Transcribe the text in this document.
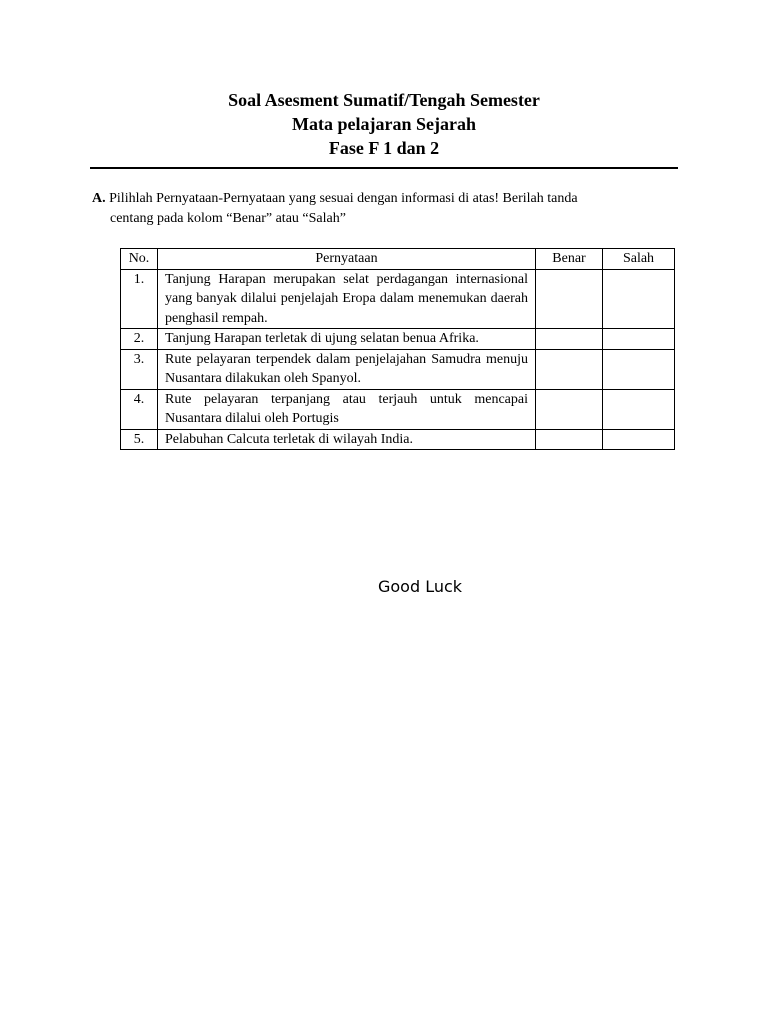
Soal Asesment Sumatif/Tengah Semester
Mata pelajaran Sejarah
Fase F 1 dan 2
A. Pilihlah Pernyataan-Pernyataan yang sesuai dengan informasi di atas! Berilah tanda
centang pada kolom “Benar” atau “Salah”
No.	Pernyataan	Benar	Salah
1.	Tanjung Harapan merupakan selat perdagangan internasional yang banyak dilalui penjelajah Eropa dalam menemukan daerah penghasil rempah.		
2.	Tanjung Harapan terletak di ujung selatan benua Afrika.		
3.	Rute pelayaran terpendek dalam penjelajahan Samudra menuju Nusantara dilakukan oleh Spanyol.		
4.	Rute pelayaran terpanjang atau terjauh untuk mencapai Nusantara dilalui oleh Portugis		
5.	Pelabuhan Calcuta terletak di wilayah India.		
Good Luck
